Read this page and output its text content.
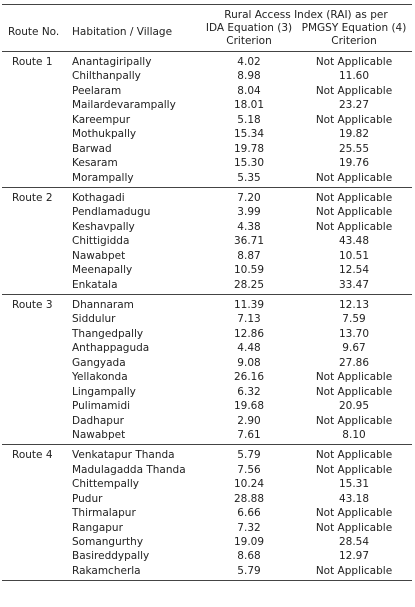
Route No. Habitation / Village
Rural Access Index (RAI) as per
IDA Equation (3) Criterion
PMGSY Equation (4) Criterion
Route 1 Anantagiripally	4.02	Not Applicable
Chilthanpally	8.98	11.60
Peelaram	8.04	Not Applicable
Mailardevarampally	18.01	23.27
Kareempur	5.18	Not Applicable
Mothukpally	15.34	19.82
Barwad	19.78	25.55
Kesaram	15.30	19.76
Morampally	5.35	Not Applicable
Route 2 Kothagadi	7.20	Not Applicable
Pendlamadugu	3.99	Not Applicable
Keshavpally	4.38	Not Applicable
Chittigidda	36.71	43.48
Nawabpet	8.87	10.51
Meenapally	10.59	12.54
Enkatala	28.25	33.47
Route 3 Dhannaram	11.39	12.13
Siddulur	7.13	7.59
Thangedpally	12.86	13.70
Anthappaguda	4.48	9.67
Gangyada	9.08	27.86
Yellakonda	26.16	Not Applicable
Lingampally	6.32	Not Applicable
Pulimamidi	19.68	20.95
Dadhapur	2.90	Not Applicable
Nawabpet	7.61	8.10
Route 4 Venkatapur Thanda	5.79	Not Applicable
Madulagadda Thanda	7.56	Not Applicable
Chittempally	10.24	15.31
Pudur	28.88	43.18
Thirmalapur	6.66	Not Applicable
Rangapur	7.32	Not Applicable
Somangurthy	19.09	28.54
Basireddypally	8.68	12.97
Rakamcherla	5.79	Not Applicable
